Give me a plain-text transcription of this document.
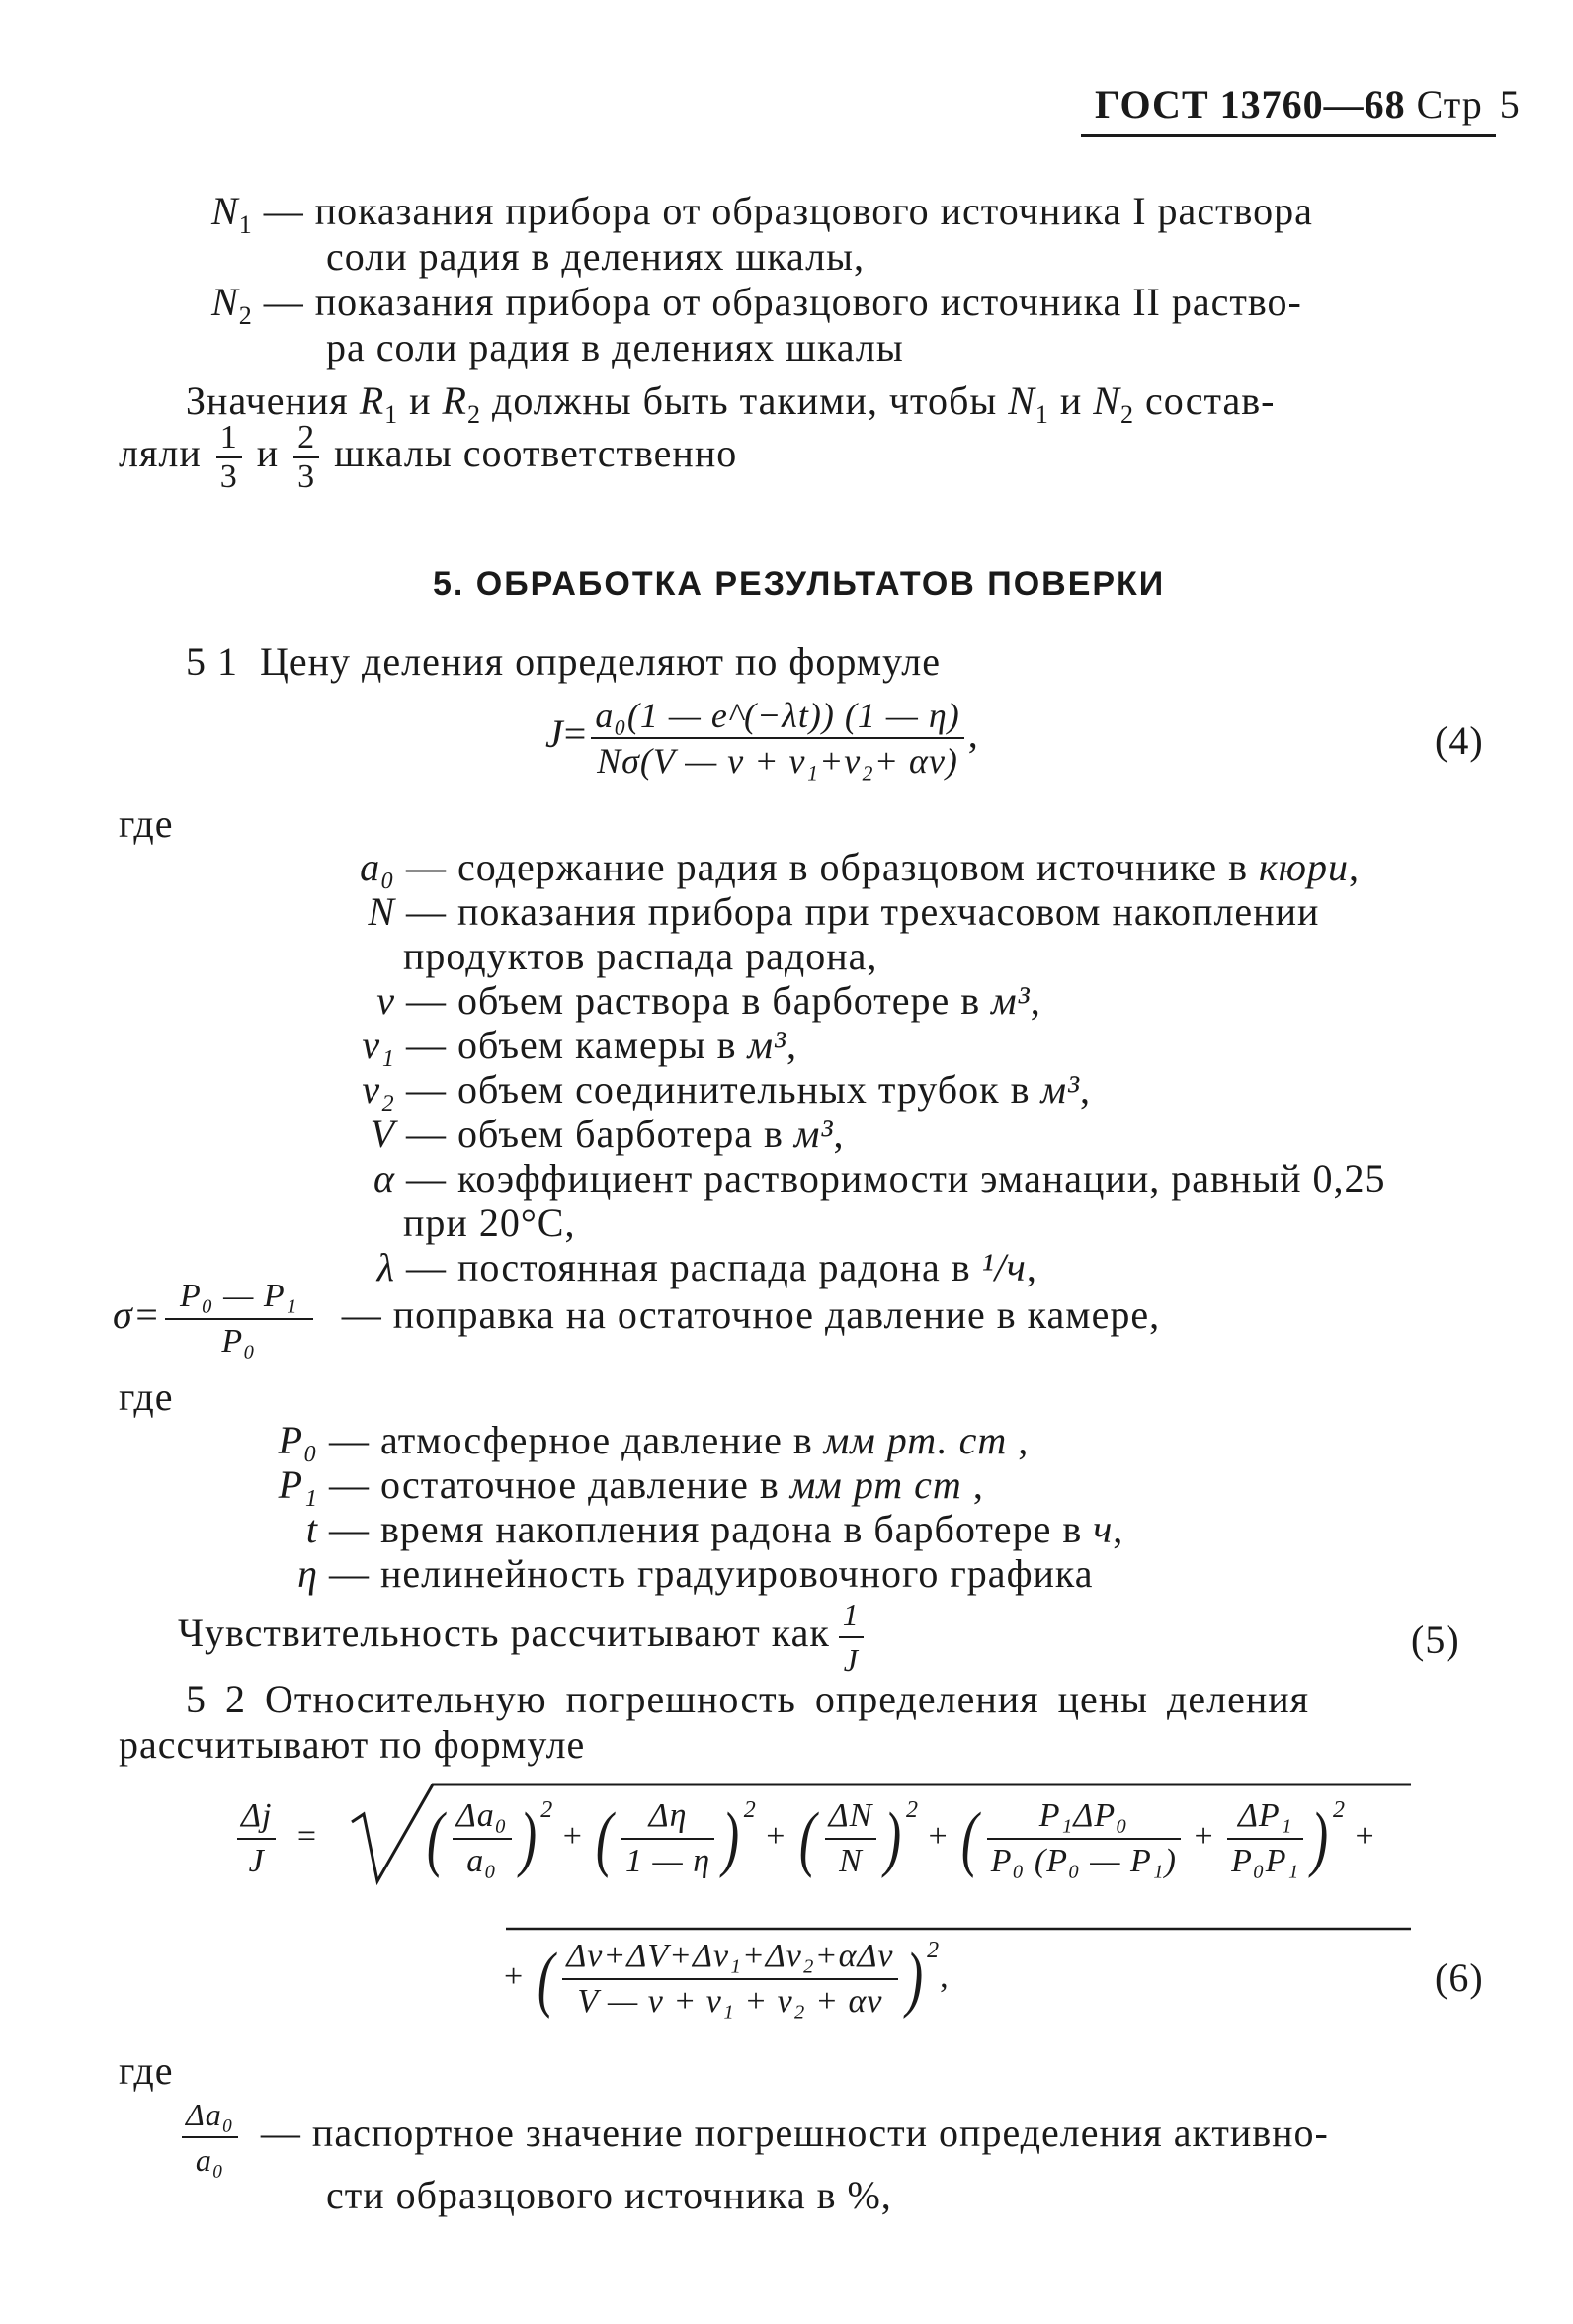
ГОСТ 13760—68 Стр 5
$N_1$ — показания прибора от образцового источника I раствора
соли радия в делениях шкалы,
$N_2$ — показания прибора от образцового источника II раство-
ра соли радия в делениях шкалы
Значения $R_1$ и $R_2$ должны быть такими, чтобы $N_1$ и $N_2$ состав-
ляли $\frac{1}{3}$ и $\frac{2}{3}$ шкалы соответственно
5. ОБРАБОТКА РЕЗУЛЬТАТОВ ПОВЕРКИ
5 1 Цену деления определяют по формуле
$J= \frac{\text{a₀(1 — e\textasciicircum{}(−λt)) (1 — η)}}{\text{Nσ(V — v + v₁+v₂+ αv)}}$ ,	(4)
где
a₀ — содержание радия в образцовом источнике в кюри,
N — показания прибора при трехчасовом накоплении
продуктов распада радона,
v — объем раствора в барботере в м³,
v₁ — объем камеры в м³,
v₂ — объем соединительных трубок в м³,
V — объем барботера в м³,
α — коэффициент растворимости эманации, равный 0,25
при 20°С,
λ — постоянная распада радона в ¹/ч,
$\sigma= \frac{\text{P₀ — P₁}}{\text{P₀}}$ — поправка на остаточное давление в камере,
где
P₀ — атмосферное давление в мм рт. ст ,
P₁ — остаточное давление в мм рт ст ,
t — время накопления радона в барботере в ч,
η — нелинейность градуировочного графика
Чувствительность рассчитывают как $\frac{1}{J}$	(5)
5 2 Относительную погрешность определения цены деления
рассчитывают по формуле
$\frac{\Delta j}{J}$ = ( $\frac{\text{Δa₀}}{\text{a₀}}$ ) $^2$ + ( $\frac{\Delta\eta}{1 — \eta}$ ) $^2$ + ( $\frac{\Delta N}{N}$ ) $^2$ + ( $\frac{\text{P₁ΔP₀}}{\text{P₀ (P₀ — P₁)}} + \frac{\text{ΔP₁}}{\text{P₀P₁}}$ ) $^2$ +
+ ( $\frac{\text{Δv+ΔV+Δv₁+Δv₂+αΔv}}{\text{V — v + v₁ + v₂ + αv}}$ ) $^2$,	(6)
где
$\frac{\text{Δa₀}}{\text{a₀}}$ — паспортное значение погрешности определения активно-
сти образцового источника в %,
